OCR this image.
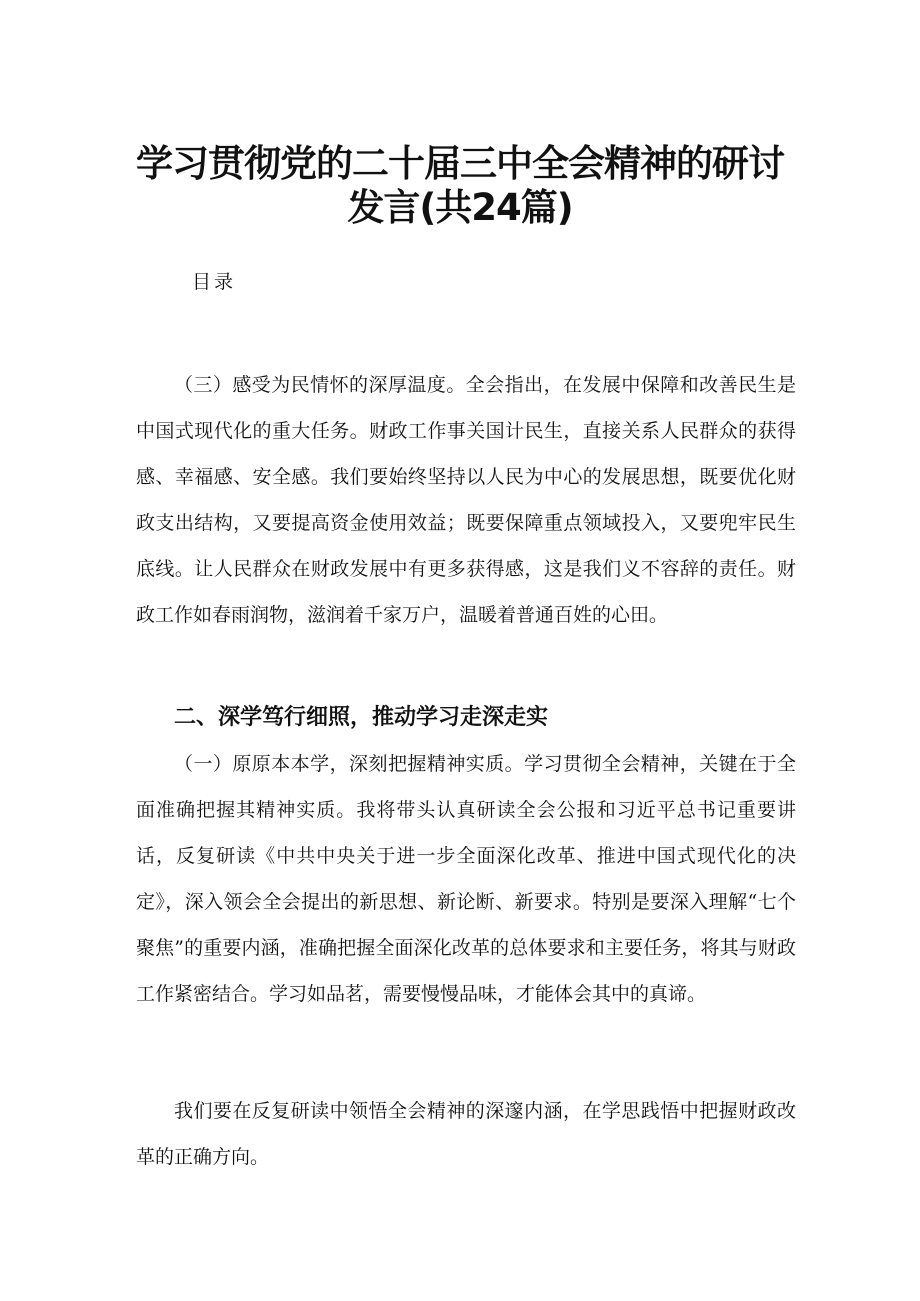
学习贯彻党的二十届三中全会精神的研讨
发言(共24篇)
目录

（三）感受为民情怀的深厚温度。全会指出，在发展中保障和改善民生是中国式现代化的重大任务。财政工作事关国计民生，直接关系人民群众的获得感、幸福感、安全感。我们要始终坚持以人民为中心的发展思想，既要优化财政支出结构，又要提高资金使用效益；既要保障重点领域投入，又要兜牢民生底线。让人民群众在财政发展中有更多获得感，这是我们义不容辞的责任。财政工作如春雨润物，滋润着千家万户，温暖着普通百姓的心田。

二、深学笃行细照，推动学习走深走实

（一）原原本本学，深刻把握精神实质。学习贯彻全会精神，关键在于全面准确把握其精神实质。我将带头认真研读全会公报和习近平总书记重要讲话，反复研读《中共中央关于进一步全面深化改革、推进中国式现代化的决定》，深入领会全会提出的新思想、新论断、新要求。特别是要深入理解“七个聚焦”的重要内涵，准确把握全面深化改革的总体要求和主要任务，将其与财政工作紧密结合。学习如品茗，需要慢慢品味，才能体会其中的真谛。

我们要在反复研读中领悟全会精神的深邃内涵，在学思践悟中把握财政改革的正确方向。
